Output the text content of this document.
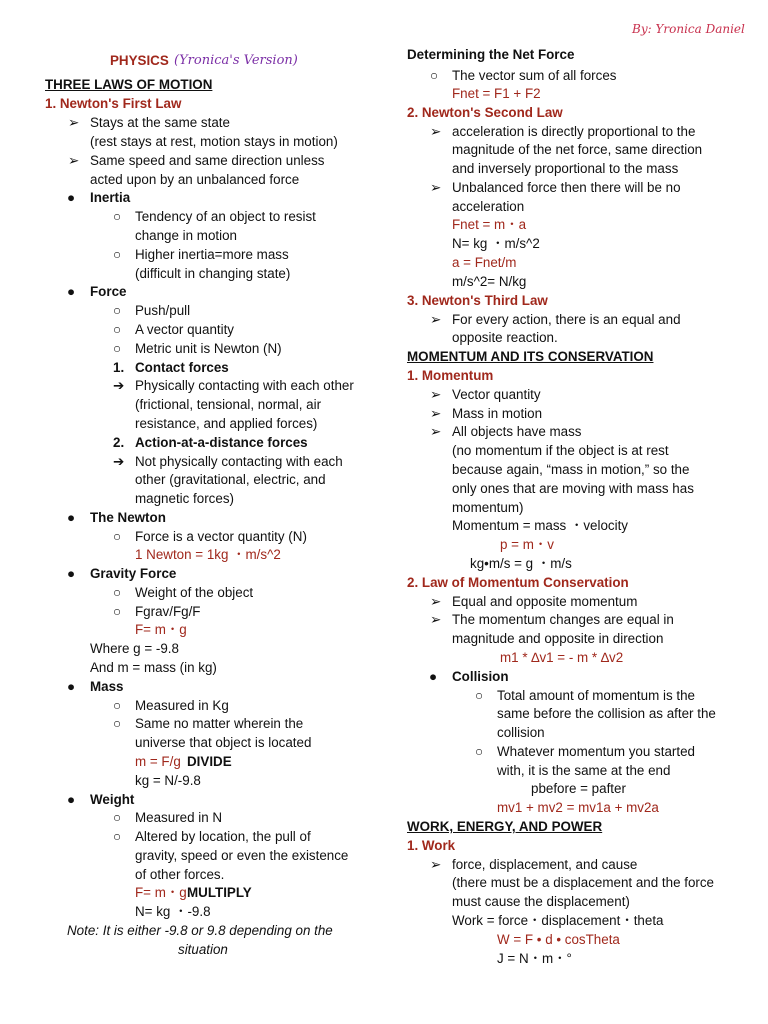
By: Yronica Daniel
PHYSICS (Yronica's Version)
THREE LAWS OF MOTION
1. Newton's First Law
➢ Stays at the same state
(rest stays at rest, motion stays in motion)
➢ Same speed and same direction unless
acted upon by an unbalanced force
● Inertia
○ Tendency of an object to resist
change in motion
○ Higher inertia=more mass
(difficult in changing state)
● Force
○ Push/pull
○ A vector quantity
○ Metric unit is Newton (N)
1. Contact forces
➔ Physically contacting with each other
(frictional, tensional, normal, air
resistance, and applied forces)
2. Action-at-a-distance forces
➔ Not physically contacting with each
other (gravitational, electric, and
magnetic forces)
● The Newton
○ Force is a vector quantity (N)
1 Newton = 1kg ・m/s^2
● Gravity Force
○ Weight of the object
○ Fgrav/Fg/F
F= m・g
Where g = -9.8
And m = mass (in kg)
● Mass
○ Measured in Kg
○ Same no matter wherein the
universe that object is located
m = F/g DIVIDE
kg = N/-9.8
● Weight
○ Measured in N
○ Altered by location, the pull of
gravity, speed or even the existence
of other forces.
F= m・g MULTIPLY
N= kg ・-9.8
Note: It is either -9.8 or 9.8 depending on the
situation
Determining the Net Force
○ The vector sum of all forces
Fnet = F1 + F2
2. Newton's Second Law
➢ acceleration is directly proportional to the
magnitude of the net force, same direction
and inversely proportional to the mass
➢ Unbalanced force then there will be no
acceleration
Fnet = m・a
N= kg ・m/s^2
a = Fnet/m
m/s^2= N/kg
3. Newton's Third Law
➢ For every action, there is an equal and
opposite reaction.
MOMENTUM AND ITS CONSERVATION
1. Momentum
➢ Vector quantity
➢ Mass in motion
➢ All objects have mass
(no momentum if the object is at rest
because again, “mass in motion,” so the
only ones that are moving with mass has
momentum)
Momentum = mass ・velocity
p = m・v
kg•m/s = g ・m/s
2. Law of Momentum Conservation
➢ Equal and opposite momentum
➢ The momentum changes are equal in
magnitude and opposite in direction
m1 * ∆v1 = - m * ∆v2
● Collision
○ Total amount of momentum is the
same before the collision as after the
collision
○ Whatever momentum you started
with, it is the same at the end
pbefore = pafter
mv1 + mv2 = mv1a + mv2a
WORK, ENERGY, AND POWER
1. Work
➢ force, displacement, and cause
(there must be a displacement and the force
must cause the displacement)
Work = force・displacement・theta
W = F • d • cosTheta
J = N・m・°
